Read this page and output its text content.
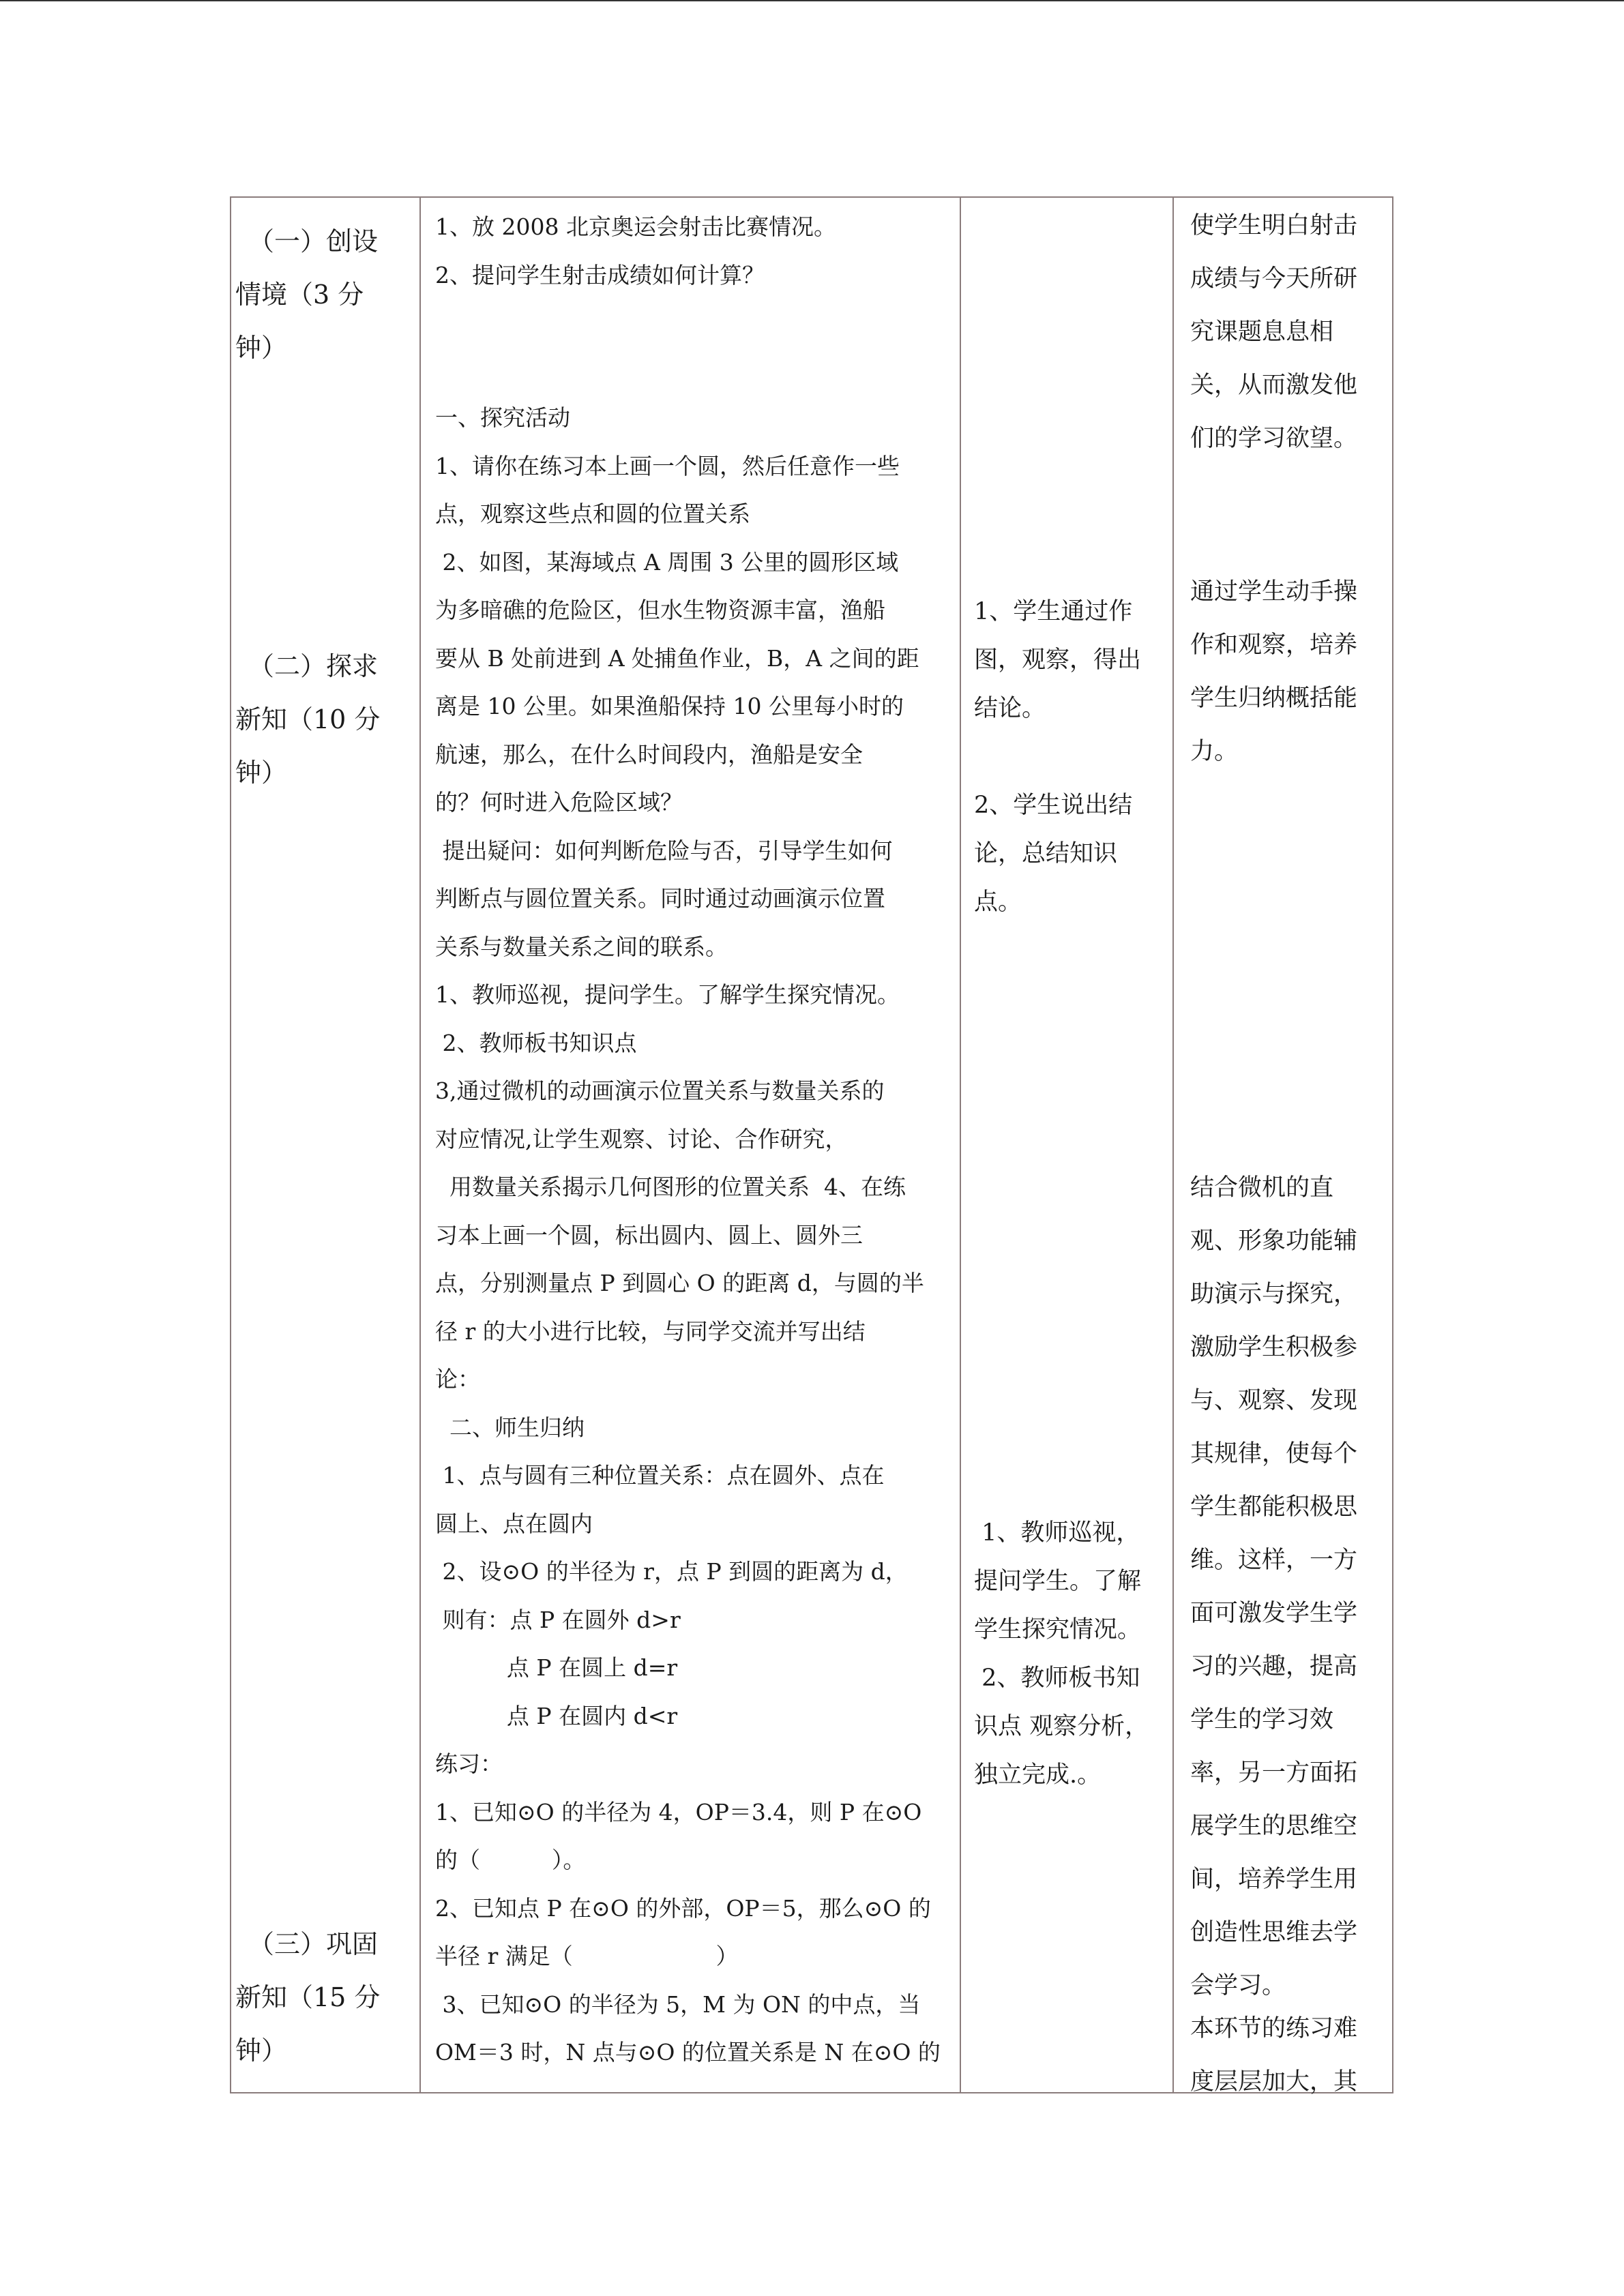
　（一）创设

情境（3 分

钟）

　（二）探求

新知（10 分

钟）

　（三）巩固

新知（15 分

钟）

1、放 2008 北京奥运会射击比赛情况。

2、提问学生射击成绩如何计算？

一、探究活动

1、请你在练习本上画一个圆，然后任意作一些

点，观察这些点和圆的位置关系

2、如图，某海域点 A 周围 3 公里的圆形区域

为多暗礁的危险区，但水生物资源丰富，渔船

要从 B 处前进到 A 处捕鱼作业，B，A 之间的距

离是 10 公里。如果渔船保持 10 公里每小时的

航速，那么，在什么时间段内，渔船是安全

的？何时进入危险区域？

提出疑问：如何判断危险与否，引导学生如何

判断点与圆位置关系。同时通过动画演示位置

关系与数量关系之间的联系。

1、教师巡视，提问学生。了解学生探究情况。

2、教师板书知识点

3,通过微机的动画演示位置关系与数量关系的

对应情况,让学生观察、讨论、合作研究，

用数量关系揭示几何图形的位置关系  4、在练

习本上画一个圆，标出圆内、圆上、圆外三

点，分别测量点 P 到圆心 O 的距离 d，与圆的半

径 r 的大小进行比较，与同学交流并写出结

论：

二、师生归纳

1、点与圆有三种位置关系：点在圆外、点在

圆上、点在圆内

2、设⊙O 的半径为 r，点 P 到圆的距离为 d，

则有：点 P 在圆外 d>r

点 P 在圆上 d=r

点 P 在圆内 d<r

练习：

1、已知⊙O 的半径为 4，OP＝3.4，则 P 在⊙O

的（          ）。

2、已知点 P 在⊙O 的外部，OP＝5，那么⊙O 的

半径 r 满足（                    ）

3、已知⊙O 的半径为 5，M 为 ON 的中点，当

OM＝3 时，N 点与⊙O 的位置关系是 N 在⊙O 的

1、学生通过作

图，观察，得出

结论。

2、学生说出结

论，总结知识

点。

1、教师巡视，

提问学生。了解

学生探究情况。

2、教师板书知

识点 观察分析，

独立完成.。

使学生明白射击

成绩与今天所研

究课题息息相

关，从而激发他

们的学习欲望。

通过学生动手操

作和观察，培养

学生归纳概括能

力。

结合微机的直

观、形象功能辅

助演示与探究，

激励学生积极参

与、观察、发现

其规律，使每个

学生都能积极思

维。这样，一方

面可激发学生学

习的兴趣，提高

学生的学习效

率，另一方面拓

展学生的思维空

间，培养学生用

创造性思维去学

会学习。

本环节的练习难

度层层加大，其
